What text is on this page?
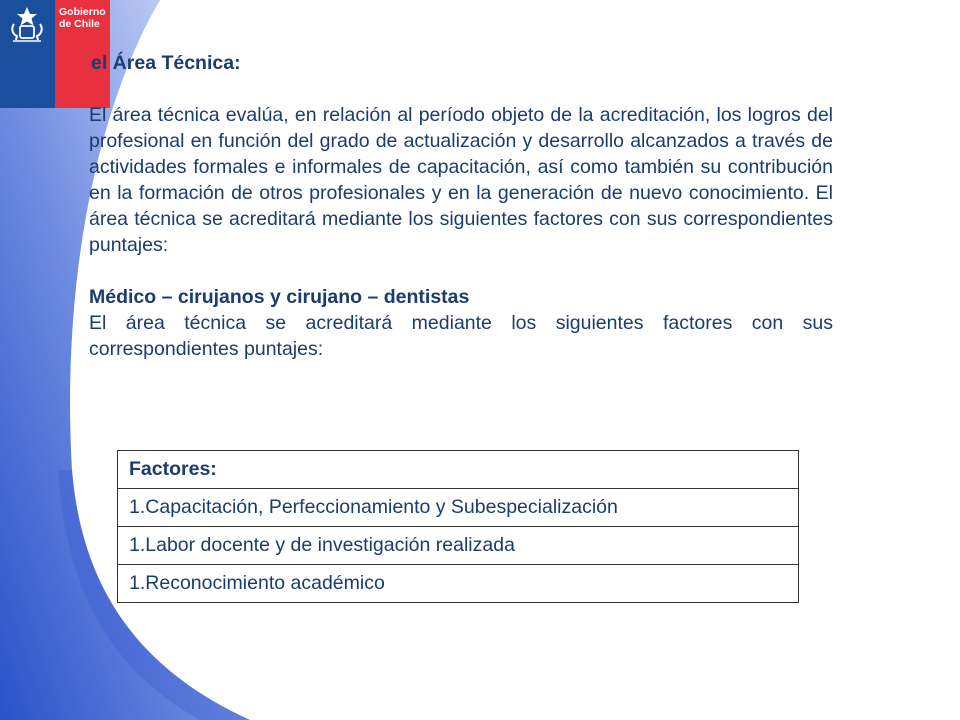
Gobierno
de Chile

el Área Técnica:

El área técnica evalúa, en relación al período objeto de la acreditación, los logros del profesional en función del grado de actualización y desarrollo alcanzados a través de actividades formales e informales de capacitación, así como también su contribución en la formación de otros profesionales y en la generación de nuevo conocimiento. El área técnica se acreditará mediante los siguientes factores con sus correspondientes puntajes:

Médico – cirujanos y cirujano – dentistas

El área técnica se acreditará mediante los siguientes factores con sus correspondientes puntajes:

Factores:
1.Capacitación, Perfeccionamiento y Subespecialización
1.Labor docente y de investigación realizada
1.Reconocimiento académico
